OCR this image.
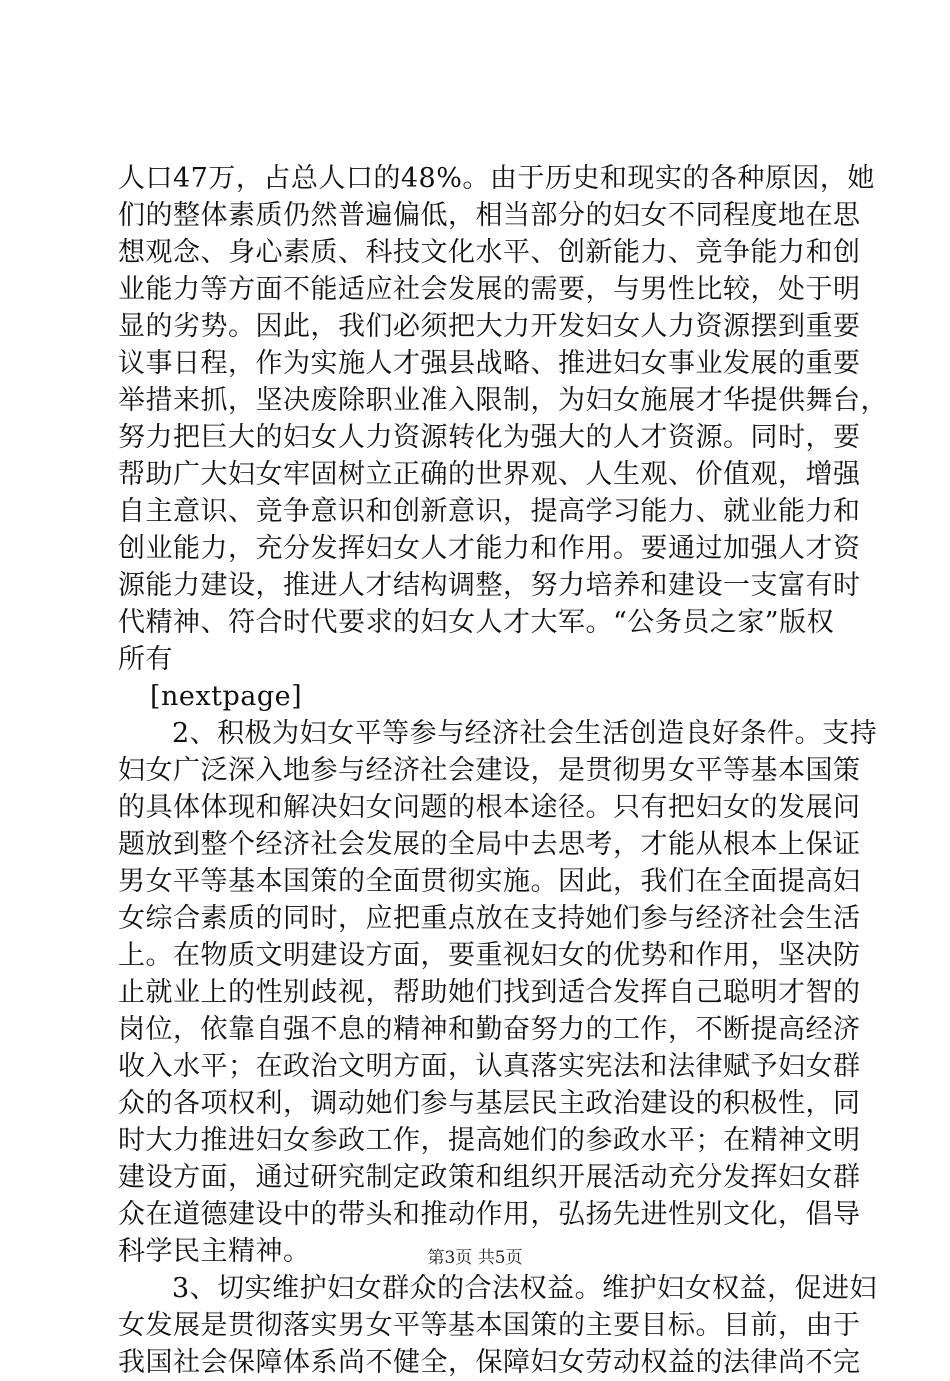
人口47万，占总人口的48%。由于历史和现实的各种原因，她
们的整体素质仍然普遍偏低，相当部分的妇女不同程度地在思
想观念、身心素质、科技文化水平、创新能力、竞争能力和创
业能力等方面不能适应社会发展的需要，与男性比较，处于明
显的劣势。因此，我们必须把大力开发妇女人力资源摆到重要
议事日程，作为实施人才强县战略、推进妇女事业发展的重要
举措来抓，坚决废除职业准入限制，为妇女施展才华提供舞台，
努力把巨大的妇女人力资源转化为强大的人才资源。同时，要
帮助广大妇女牢固树立正确的世界观、人生观、价值观，增强
自主意识、竞争意识和创新意识，提高学习能力、就业能力和
创业能力，充分发挥妇女人才能力和作用。要通过加强人才资
源能力建设，推进人才结构调整，努力培养和建设一支富有时
代精神、符合时代要求的妇女人才大军。“公务员之家”版权
所有
[nextpage]
2、积极为妇女平等参与经济社会生活创造良好条件。支持
妇女广泛深入地参与经济社会建设，是贯彻男女平等基本国策
的具体体现和解决妇女问题的根本途径。只有把妇女的发展问
题放到整个经济社会发展的全局中去思考，才能从根本上保证
男女平等基本国策的全面贯彻实施。因此，我们在全面提高妇
女综合素质的同时，应把重点放在支持她们参与经济社会生活
上。在物质文明建设方面，要重视妇女的优势和作用，坚决防
止就业上的性别歧视，帮助她们找到适合发挥自己聪明才智的
岗位，依靠自强不息的精神和勤奋努力的工作，不断提高经济
收入水平；在政治文明方面，认真落实宪法和法律赋予妇女群
众的各项权利，调动她们参与基层民主政治建设的积极性，同
时大力推进妇女参政工作，提高她们的参政水平；在精神文明
建设方面，通过研究制定政策和组织开展活动充分发挥妇女群
众在道德建设中的带头和推动作用，弘扬先进性别文化，倡导
科学民主精神。
3、切实维护妇女群众的合法权益。维护妇女权益，促进妇
女发展是贯彻落实男女平等基本国策的主要目标。目前，由于
我国社会保障体系尚不健全，保障妇女劳动权益的法律尚不完
第3页 共5页
